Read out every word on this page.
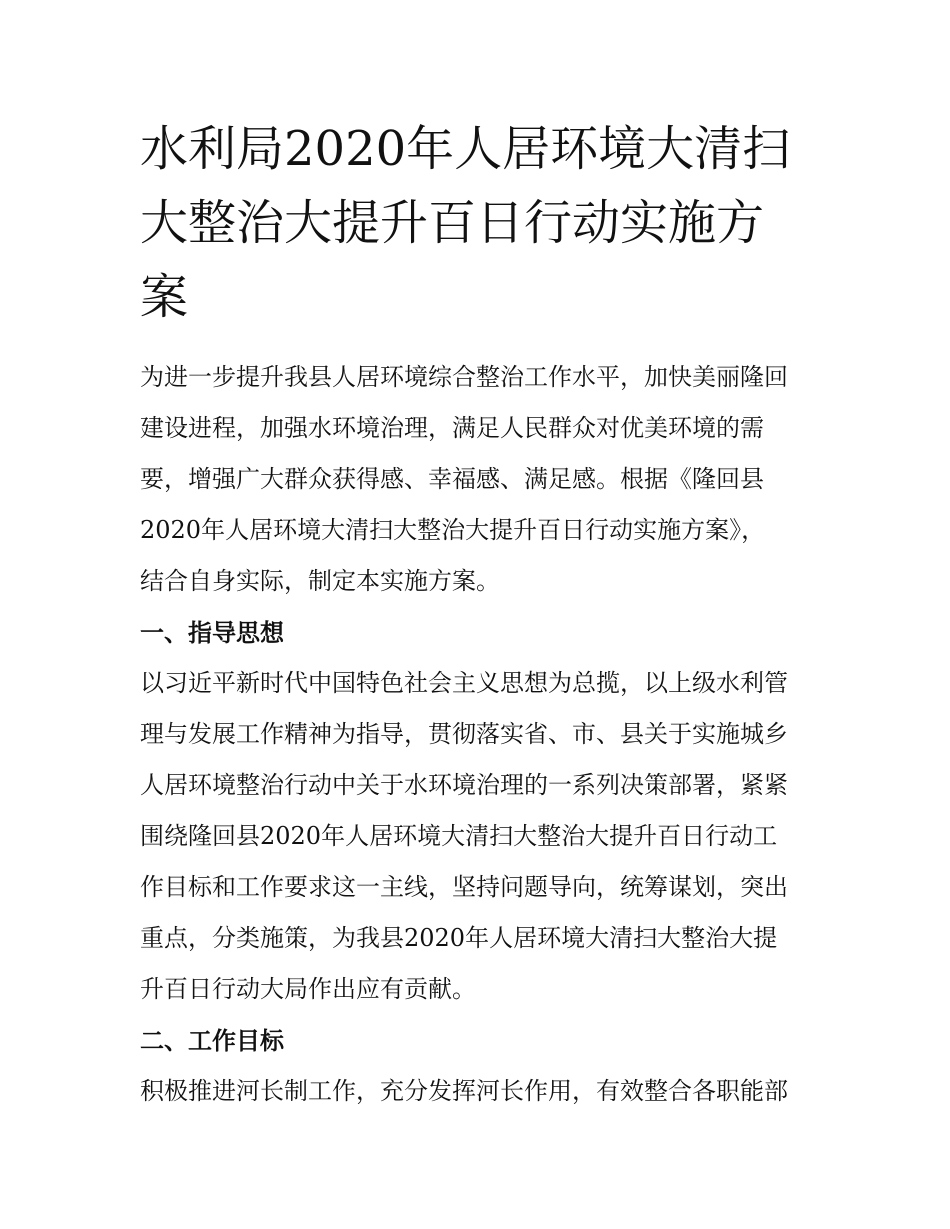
水利局2020年人居环境大清扫
大整治大提升百日行动实施方
案

为进一步提升我县人居环境综合整治工作水平，加快美丽隆回
建设进程，加强水环境治理，满足人民群众对优美环境的需
要，增强广大群众获得感、幸福感、满足感。根据《隆回县
2020年人居环境大清扫大整治大提升百日行动实施方案》，
结合自身实际，制定本实施方案。

一、指导思想

以习近平新时代中国特色社会主义思想为总揽，以上级水利管
理与发展工作精神为指导，贯彻落实省、市、县关于实施城乡
人居环境整治行动中关于水环境治理的一系列决策部署，紧紧
围绕隆回县2020年人居环境大清扫大整治大提升百日行动工
作目标和工作要求这一主线，坚持问题导向，统筹谋划，突出
重点，分类施策，为我县2020年人居环境大清扫大整治大提
升百日行动大局作出应有贡献。

二、工作目标

积极推进河长制工作，充分发挥河长作用，有效整合各职能部
